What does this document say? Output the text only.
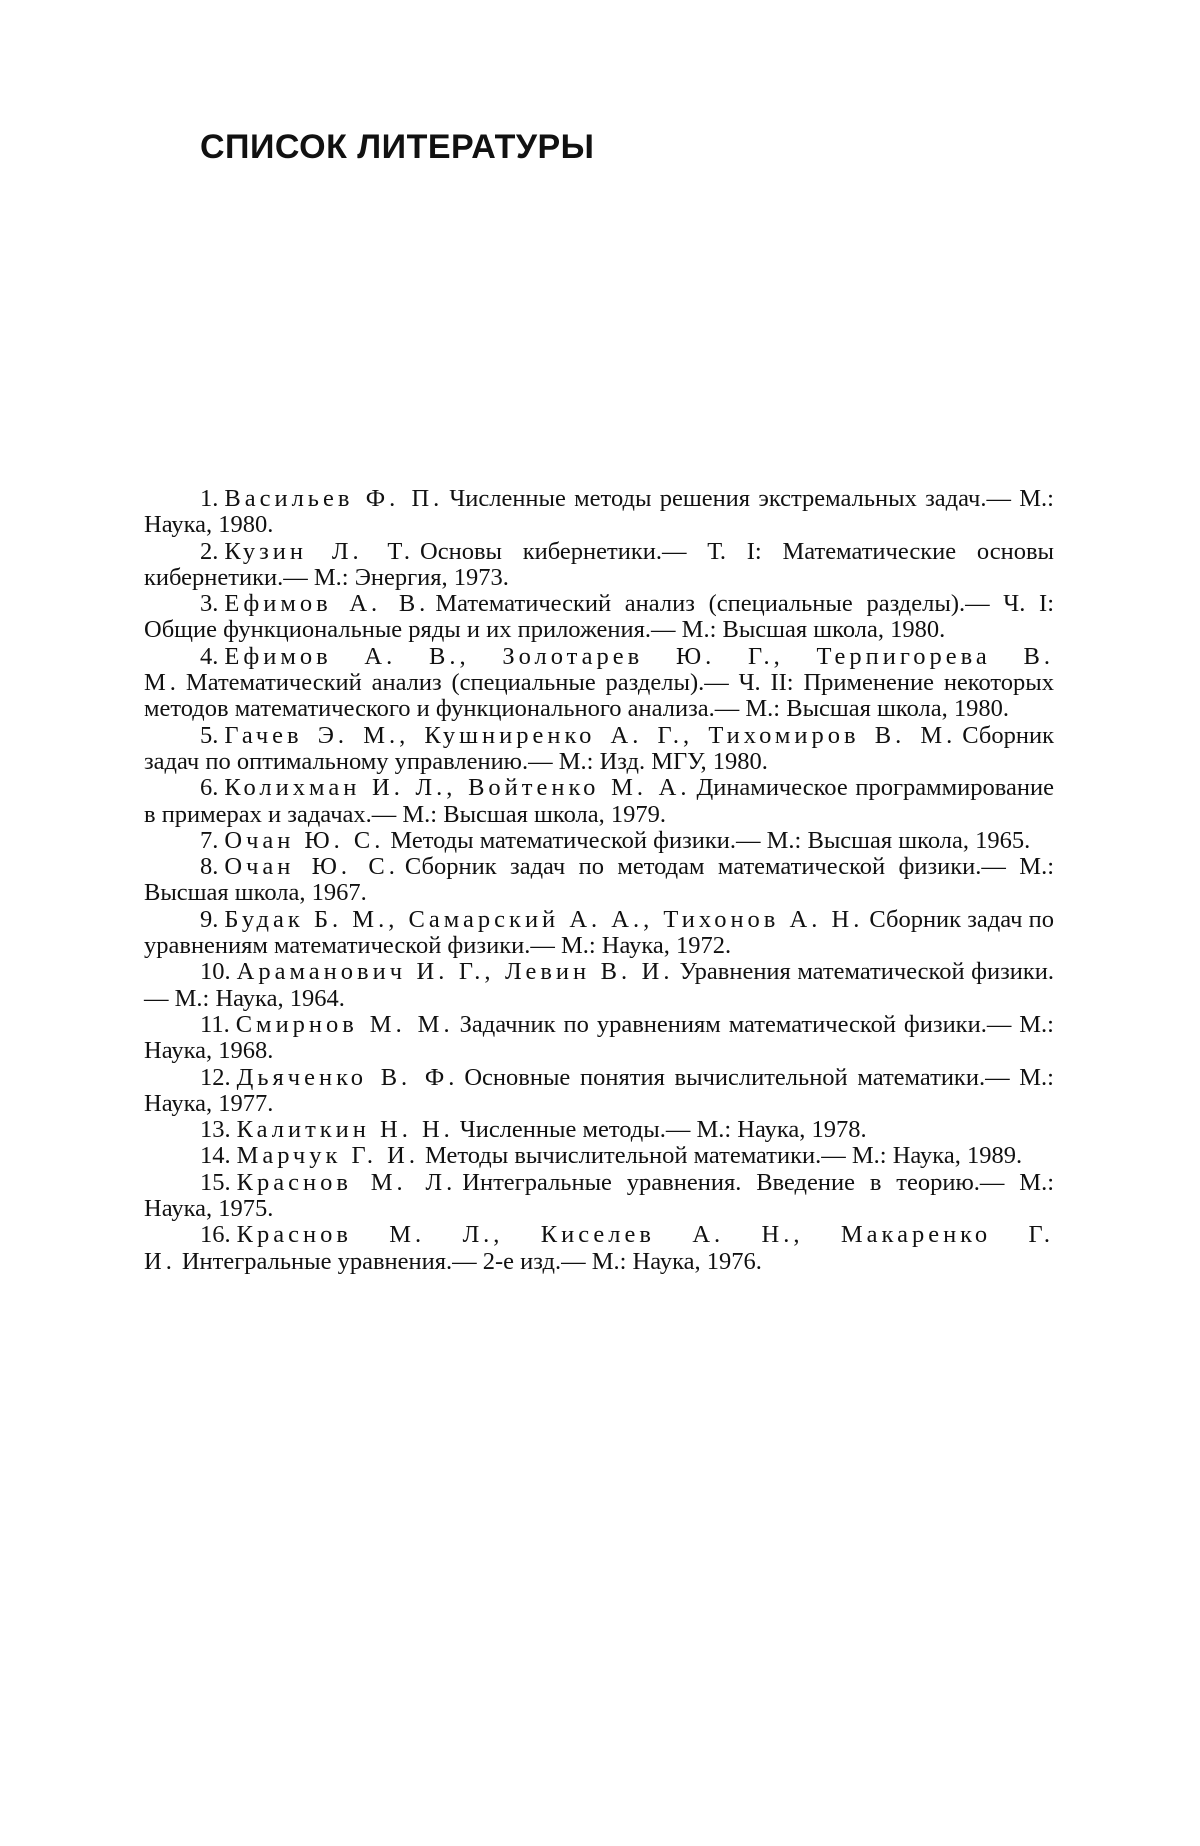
СПИСОК ЛИТЕРАТУРЫ
1. Васильев Ф. П. Численные методы решения экстремальных задач.— М.: Наука, 1980.
2. Кузин Л. Т. Основы кибернетики.— Т. I: Математические основы кибернетики.— М.: Энергия, 1973.
3. Ефимов А. В. Математический анализ (специальные разделы).— Ч. I: Общие функциональные ряды и их приложения.— М.: Высшая школа, 1980.
4. Ефимов А. В., Золотарев Ю. Г., Терпигорева В. М. Математический анализ (специальные разделы).— Ч. II: Применение некоторых методов математического и функционального анализа.— М.: Высшая школа, 1980.
5. Гачев Э. М., Кушниренко А. Г., Тихомиров В. М. Сборник задач по оптимальному управлению.— М.: Изд. МГУ, 1980.
6. Колихман И. Л., Войтенко М. А. Динамическое программирование в примерах и задачах.— М.: Высшая школа, 1979.
7. Очан Ю. С. Методы математической физики.— М.: Высшая школа, 1965.
8. Очан Ю. С. Сборник задач по методам математической физики.— М.: Высшая школа, 1967.
9. Будак Б. М., Самарский А. А., Тихонов А. Н. Сборник задач по уравнениям математической физики.— М.: Наука, 1972.
10. Араманович И. Г., Левин В. И. Уравнения математической физики.— М.: Наука, 1964.
11. Смирнов М. М. Задачник по уравнениям математической физики.— М.: Наука, 1968.
12. Дьяченко В. Ф. Основные понятия вычислительной математики.— М.: Наука, 1977.
13. Калиткин Н. Н. Численные методы.— М.: Наука, 1978.
14. Марчук Г. И. Методы вычислительной математики.— М.: Наука, 1989.
15. Краснов М. Л. Интегральные уравнения. Введение в теорию.— М.: Наука, 1975.
16. Краснов М. Л., Киселев А. Н., Макаренко Г. И. Интегральные уравнения.— 2-е изд.— М.: Наука, 1976.
